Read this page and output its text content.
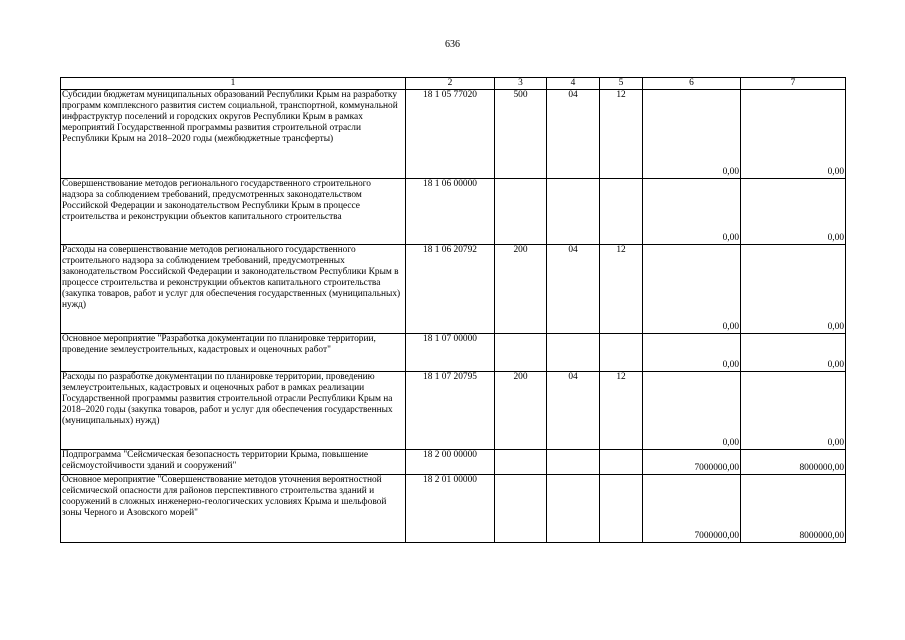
636
1	2	3	4	5	6	7
Субсидии бюджетам муниципальных образований Республики Крым на разработку программ комплексного развития систем социальной, транспортной, коммунальной инфраструктур поселений и городских округов Республики Крым в рамках мероприятий Государственной программы развития строительной отрасли Республики Крым на 2018–2020 годы (межбюджетные трансферты)	18 1 05 77020	500	04	12	0,00	0,00
Совершенствование методов регионального государственного строительного надзора за соблюдением требований, предусмотренных законодательством Российской Федерации и законодательством Республики Крым в процессе строительства и реконструкции объектов капитального строительства	18 1 06 00000				0,00	0,00
Расходы на совершенствование методов регионального государственного строительного надзора за соблюдением требований, предусмотренных законодательством Российской Федерации и законодательством Республики Крым в процессе строительства и реконструкции объектов капитального строительства (закупка товаров, работ и услуг для обеспечения государственных (муниципальных) нужд)	18 1 06 20792	200	04	12	0,00	0,00
Основное мероприятие "Разработка документации по планировке территории, проведение землеустроительных, кадастровых и оценочных работ"	18 1 07 00000				0,00	0,00
Расходы по разработке документации по планировке территории, проведению землеустроительных, кадастровых и оценочных работ в рамках реализации Государственной программы развития строительной отрасли Республики Крым на 2018–2020 годы (закупка товаров, работ и услуг для обеспечения государственных (муниципальных) нужд)	18 1 07 20795	200	04	12	0,00	0,00
Подпрограмма "Сейсмическая безопасность территории Крыма, повышение сейсмоустойчивости зданий и сооружений"	18 2 00 00000				7000000,00	8000000,00
Основное мероприятие "Совершенствование методов уточнения вероятностной сейсмической опасности для районов перспективного строительства зданий и сооружений в сложных инженерно-геологических условиях Крыма и шельфовой зоны Черного и Азовского морей"	18 2 01 00000				7000000,00	8000000,00
